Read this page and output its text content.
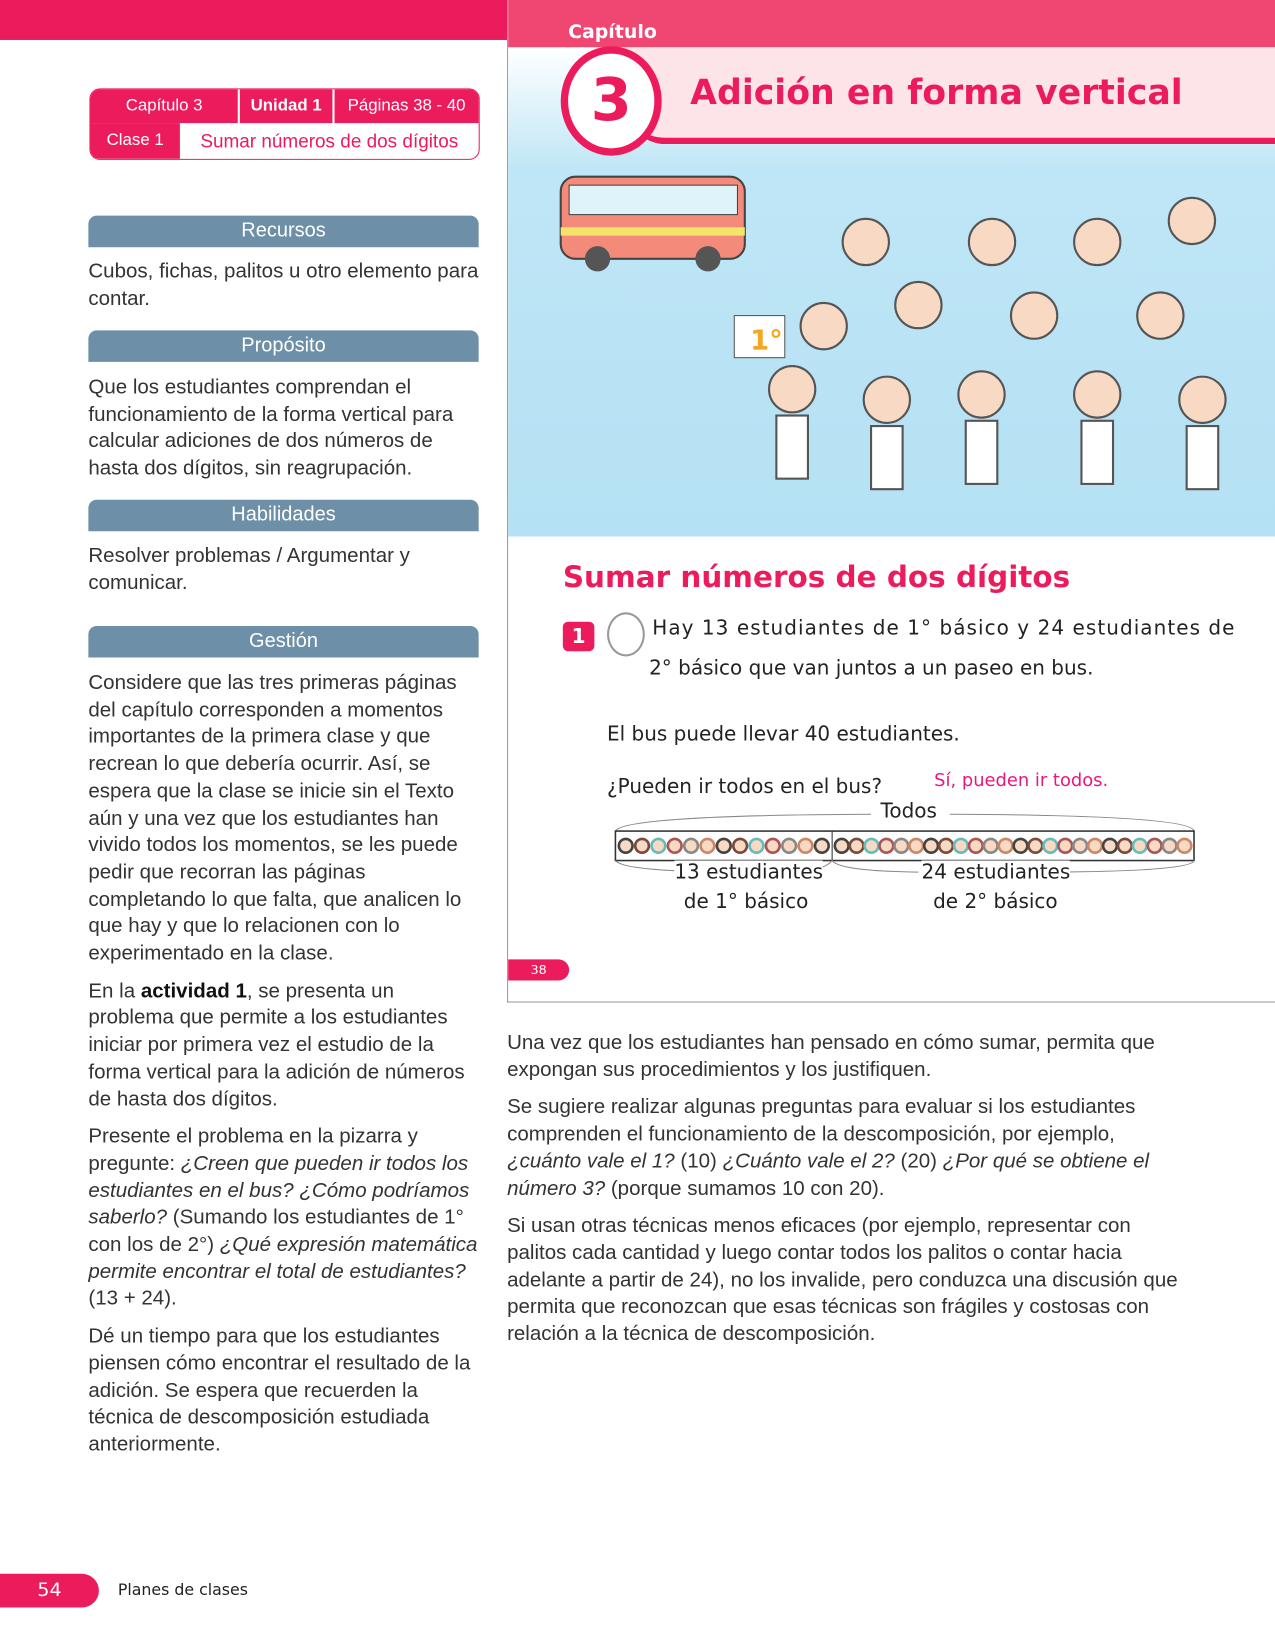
Capítulo 3	Unidad 1	Páginas 38 - 40
Clase 1	Sumar números de dos dígitos
Recursos
Cubos, fichas, palitos u otro elemento para contar.
Propósito
Que los estudiantes comprendan el funcionamiento de la forma vertical para calcular adiciones de dos números de hasta dos dígitos, sin reagrupación.
Habilidades
Resolver problemas / Argumentar y comunicar.
Gestión

Considere que las tres primeras páginas del capítulo corresponden a momentos importantes de la primera clase y que recrean lo que debería ocurrir. Así, se espera que la clase se inicie sin el Texto aún y una vez que los estudiantes han vivido todos los momentos, se les puede pedir que recorran las páginas completando lo que falta, que analicen lo que hay y que lo relacionen con lo experimentado en la clase.

En la actividad 1, se presenta un problema que permite a los estudiantes iniciar por primera vez el estudio de la forma vertical para la adición de números de hasta dos dígitos.

Presente el problema en la pizarra y pregunte: ¿Creen que pueden ir todos los estudiantes en el bus? ¿Cómo podríamos saberlo? (Sumando los estudiantes de 1° con los de 2°) ¿Qué expresión matemática permite encontrar el total de estudiantes? (13 + 24).

Dé un tiempo para que los estudiantes piensen cómo encontrar el resultado de la adición. Se espera que recuerden la técnica de descomposición estudiada anteriormente.

Capítulo
3	Adición en forma vertical
1°
Sumar números de dos dígitos
1	Hay 13 estudiantes de 1° básico y 24 estudiantes de
2° básico que van juntos a un paseo en bus.
El bus puede llevar 40 estudiantes.
¿Pueden ir todos en el bus?	Sí, pueden ir todos.
Todos
13 estudiantes
de 1° básico
24 estudiantes
de 2° básico
38

Una vez que los estudiantes han pensado en cómo sumar, permita que expongan sus procedimientos y los justifiquen.

Se sugiere realizar algunas preguntas para evaluar si los estudiantes comprenden el funcionamiento de la descomposición, por ejemplo, ¿cuánto vale el 1? (10) ¿Cuánto vale el 2? (20) ¿Por qué se obtiene el número 3? (porque sumamos 10 con 20).

Si usan otras técnicas menos eficaces (por ejemplo, representar con palitos cada cantidad y luego contar todos los palitos o contar hacia adelante a partir de 24), no los invalide, pero conduzca una discusión que permita que reconozcan que esas técnicas son frágiles y costosas con relación a la técnica de descomposición.

54	Planes de clases
